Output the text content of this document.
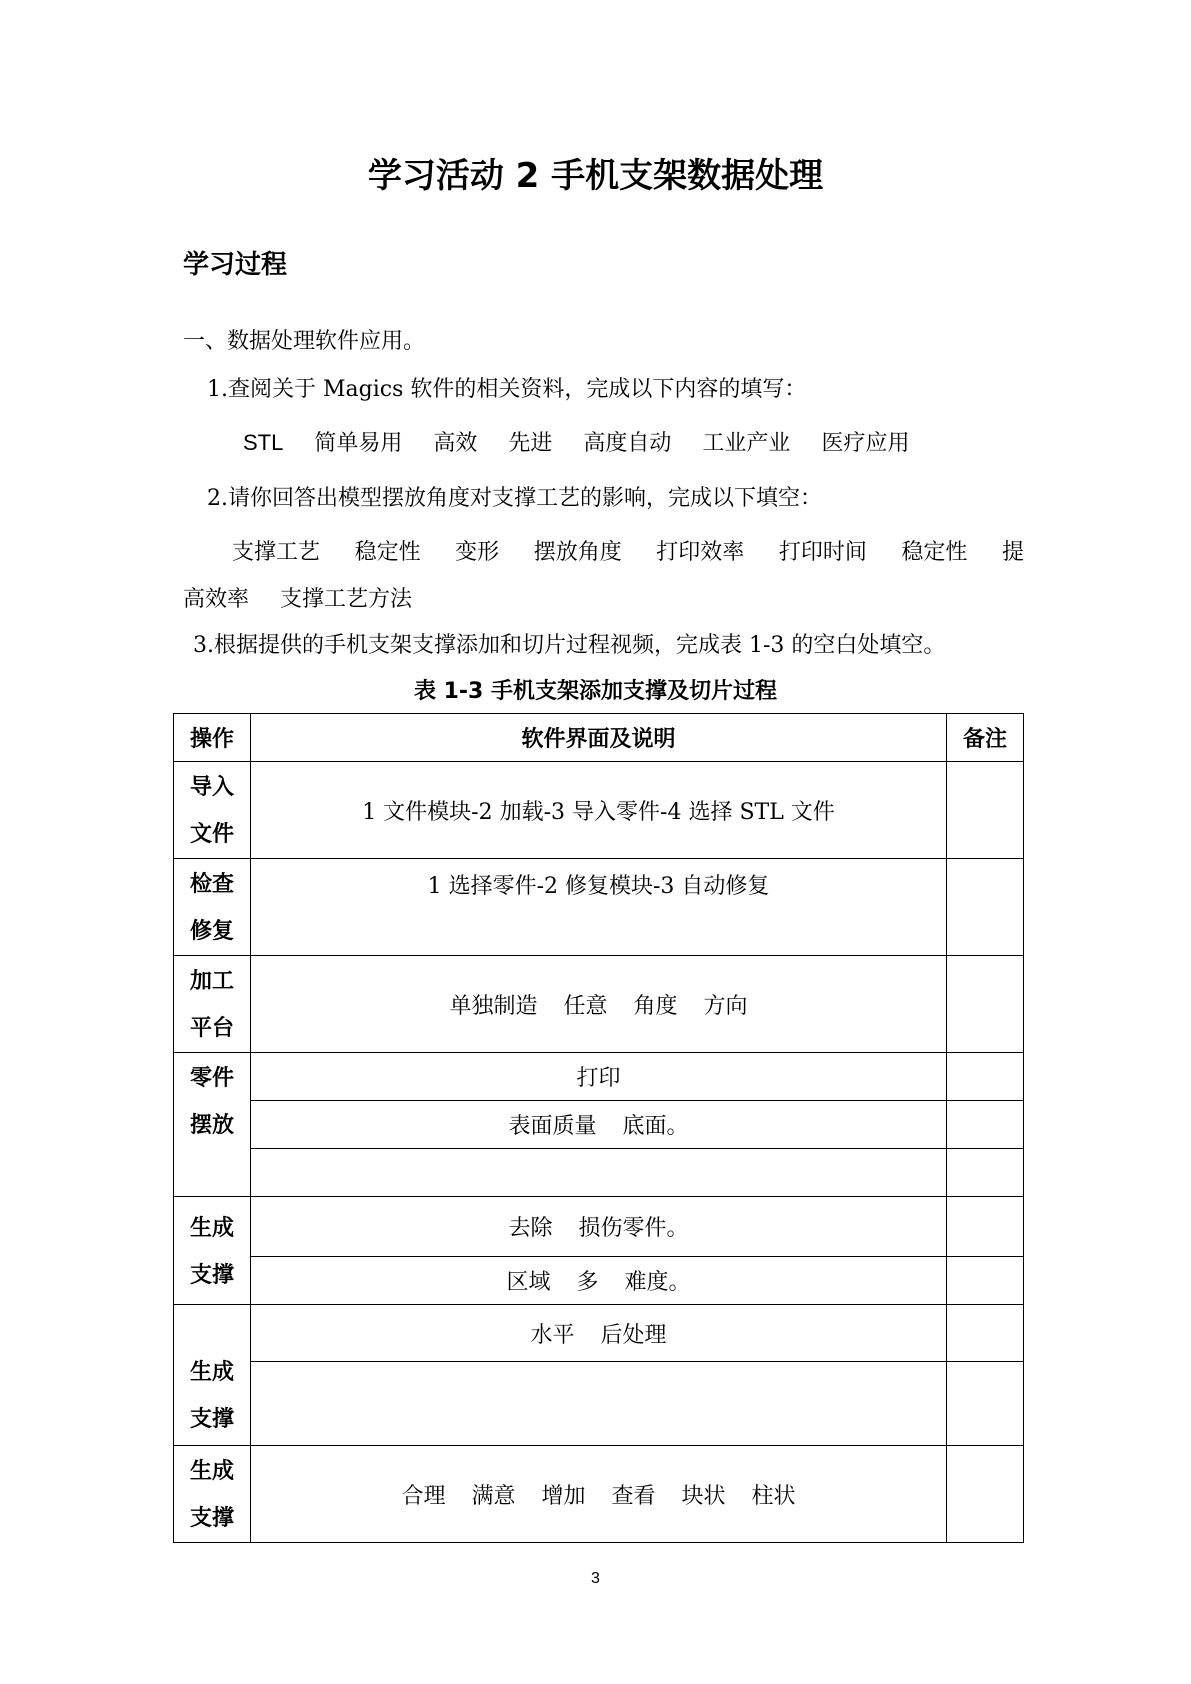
学习活动 2 手机支架数据处理
学习过程
一、数据处理软件应用。
1.查阅关于 Magics 软件的相关资料，完成以下内容的填写：
STL 简单易用 高效 先进 高度自动 工业产业 医疗应用
2.请你回答出模型摆放角度对支撑工艺的影响，完成以下填空：
支撑工艺 稳定性 变形 摆放角度 打印效率 打印时间 稳定性 提
高效率 支撑工艺方法
3.根据提供的手机支架支撑添加和切片过程视频，完成表 1-3 的空白处填空。
表 1-3 手机支架添加支撑及切片过程
操作	软件界面及说明	备注

导入
文件	1 文件模块-2 加载-3 导入零件-4 选择 STL 文件	

检查
修复	1 选择零件-2 修复模块-3 自动修复	

加工
平台	单独制造 任意 角度 方向	

零件
摆放	打印	
	表面质量 底面。	

生成
支撑	去除 损伤零件。	
	区域 多 难度。	

生成
支撑	水平 后处理	

生成
支撑	合理 满意 增加 查看 块状 柱状	
3
